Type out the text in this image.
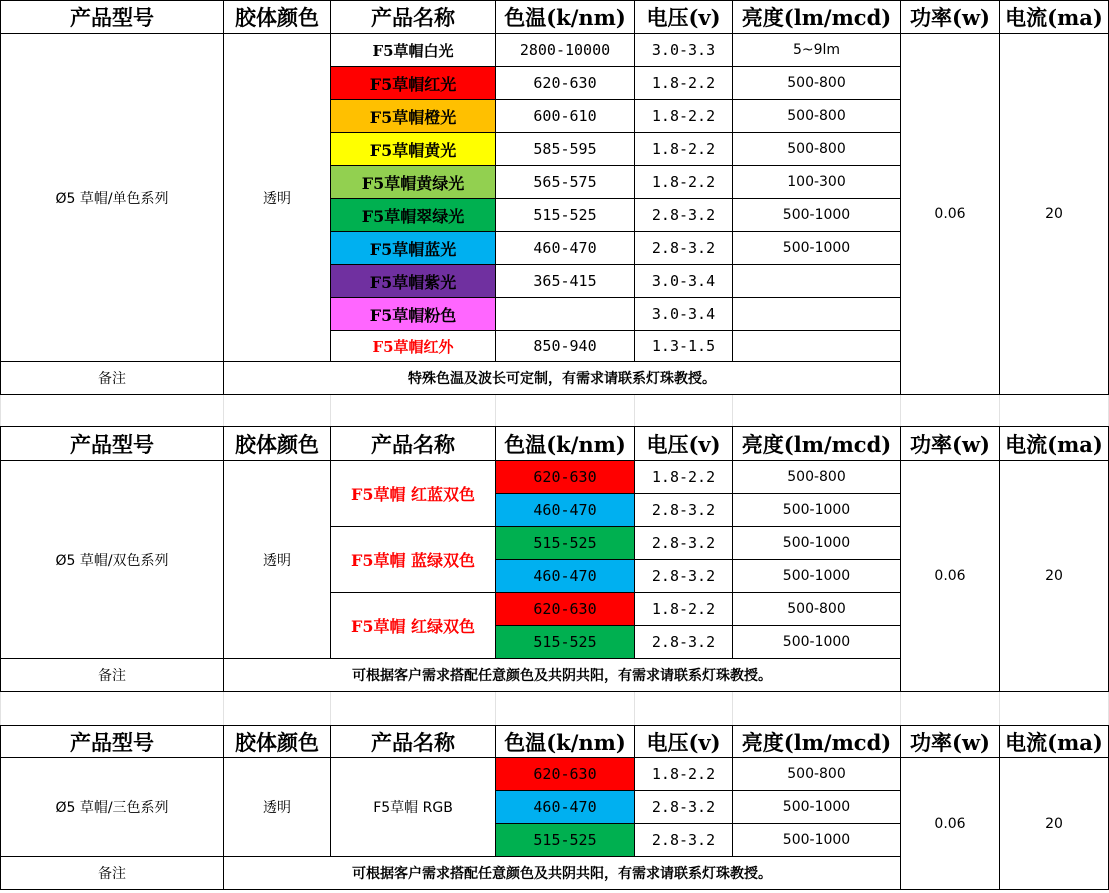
产品型号	胶体颜色	产品名称	色温(k/nm)	电压(v)	亮度(lm/mcd)	功率(w)	电流(ma)
Ø5 草帽/单色系列	透明	F5草帽白光	2800-10000	3.0-3.3	5~9lm	0.06	20
		F5草帽红光	620-630	1.8-2.2	500-800		
		F5草帽橙光	600-610	1.8-2.2	500-800		
		F5草帽黄光	585-595	1.8-2.2	500-800		
		F5草帽黄绿光	565-575	1.8-2.2	100-300		
		F5草帽翠绿光	515-525	2.8-3.2	500-1000		
		F5草帽蓝光	460-470	2.8-3.2	500-1000		
		F5草帽紫光	365-415	3.0-3.4			
		F5草帽粉色		3.0-3.4			
		F5草帽红外	850-940	1.3-1.5			
备注	特殊色温及波长可定制，有需求请联系灯珠教授。						

产品型号	胶体颜色	产品名称	色温(k/nm)	电压(v)	亮度(lm/mcd)	功率(w)	电流(ma)
Ø5 草帽/双色系列	透明	F5草帽 红蓝双色	620-630	1.8-2.2	500-800	0.06	20
			460-470	2.8-3.2	500-1000		
		F5草帽 蓝绿双色	515-525	2.8-3.2	500-1000		
			460-470	2.8-3.2	500-1000		
		F5草帽 红绿双色	620-630	1.8-2.2	500-800		
			515-525	2.8-3.2	500-1000		
备注	可根据客户需求搭配任意颜色及共阴共阳，有需求请联系灯珠教授。						

产品型号	胶体颜色	产品名称	色温(k/nm)	电压(v)	亮度(lm/mcd)	功率(w)	电流(ma)
Ø5 草帽/三色系列	透明	F5草帽 RGB	620-630	1.8-2.2	500-800	0.06	20
			460-470	2.8-3.2	500-1000		
			515-525	2.8-3.2	500-1000		
备注	可根据客户需求搭配任意颜色及共阴共阳，有需求请联系灯珠教授。						
